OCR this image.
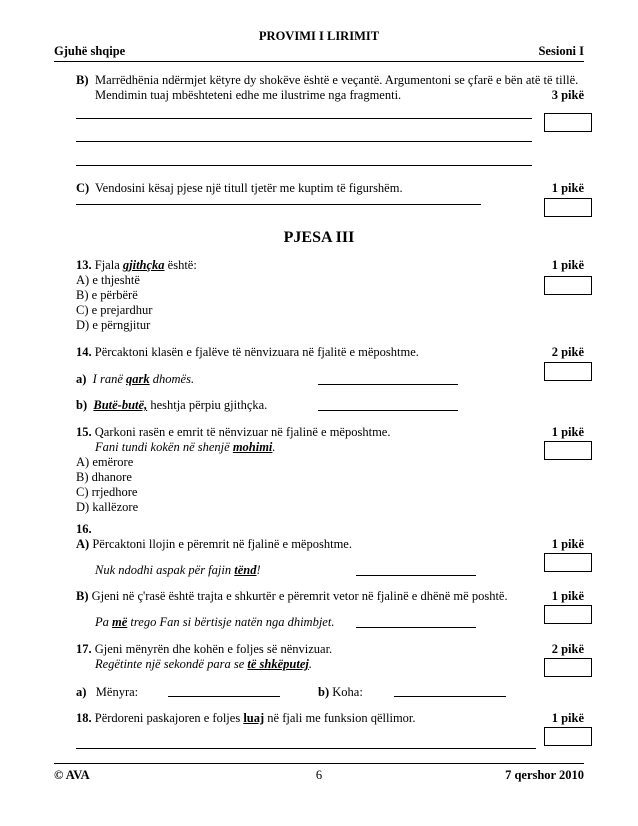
PROVIMI I LIRIMIT
Gjuhë shqipe	Sesioni I
B) Marrëdhënia ndërmjet këtyre dy shokëve është e veçantë. Argumentoni se çfarë e bën atë të tillë.
Mendimin tuaj mbështeteni edhe me ilustrime nga fragmenti.	3 pikë
C) Vendosini kësaj pjese një titull tjetër me kuptim të figurshëm.	1 pikë
PJESA III
13. Fjala gjithçka është:	1 pikë
A) e thjeshtë
B) e përbërë
C) e prejardhur
D) e përngjitur
14. Përcaktoni klasën e fjalëve të nënvizuara në fjalitë e mëposhtme.	2 pikë
a) I ranë qark dhomës.
b) Butë-butë, heshtja përpiu gjithçka.
15. Qarkoni rasën e emrit të nënvizuar në fjalinë e mëposhtme.	1 pikë
Fani tundi kokën në shenjë mohimi.
A) emërore
B) dhanore
C) rrjedhore
D) kallëzore
16.
A) Përcaktoni llojin e përemrit në fjalinë e mëposhtme.	1 pikë
Nuk ndodhi aspak për fajin tënd!
B) Gjeni në ç'rasë është trajta e shkurtër e përemrit vetor në fjalinë e dhënë më poshtë.	1 pikë
Pa më trego Fan si bërtisje natën nga dhimbjet.
17. Gjeni mënyrën dhe kohën e foljes së nënvizuar.	2 pikë
Regëtinte një sekondë para se të shkëputej.
a) Mënyra:	b) Koha:
18. Përdoreni paskajoren e foljes luaj në fjali me funksion qëllimor.	1 pikë
© AVA	6	7 qershor 2010
